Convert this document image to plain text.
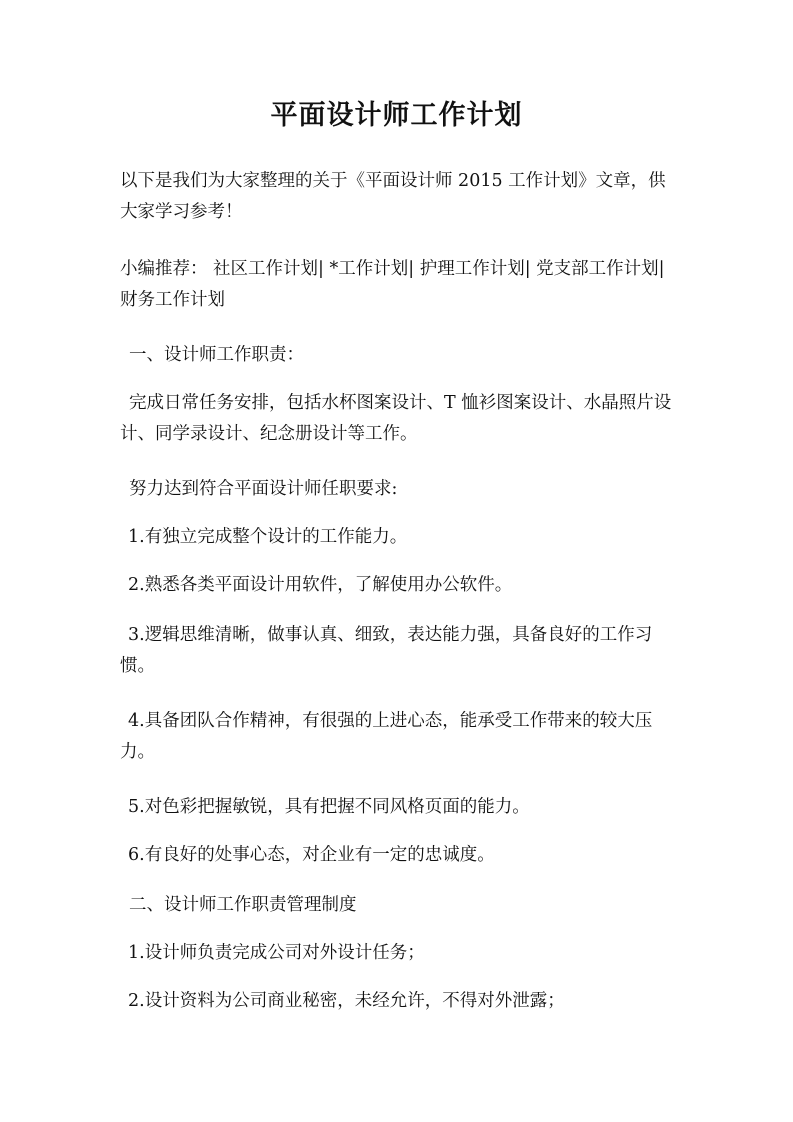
平面设计师工作计划

以下是我们为大家整理的关于《平面设计师 2015 工作计划》文章，供大家学习参考！

小编推荐： 社区工作计划| *工作计划| 护理工作计划| 党支部工作计划| 财务工作计划

一、设计师工作职责：

完成日常任务安排，包括水杯图案设计、T 恤衫图案设计、水晶照片设计、同学录设计、纪念册设计等工作。

努力达到符合平面设计师任职要求:

1.有独立完成整个设计的工作能力。

2.熟悉各类平面设计用软件，了解使用办公软件。

3.逻辑思维清晰，做事认真、细致，表达能力强，具备良好的工作习惯。

4.具备团队合作精神，有很强的上进心态，能承受工作带来的较大压力。

5.对色彩把握敏锐，具有把握不同风格页面的能力。

6.有良好的处事心态，对企业有一定的忠诚度。

二、设计师工作职责管理制度

1.设计师负责完成公司对外设计任务；

2.设计资料为公司商业秘密，未经允许，不得对外泄露；
